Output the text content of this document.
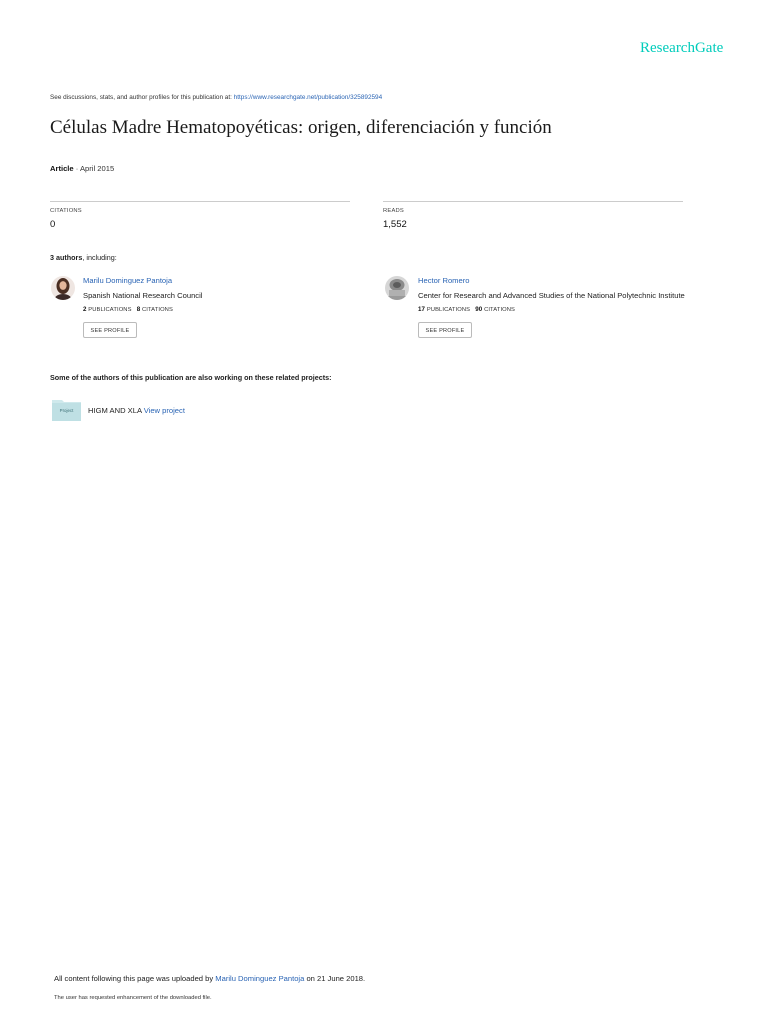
ResearchGate
See discussions, stats, and author profiles for this publication at: https://www.researchgate.net/publication/325892594
Células Madre Hematopoyéticas: origen, diferenciación y función
Article · April 2015
CITATIONS
0
READS
1,552
3 authors, including:
Marilu Dominguez Pantoja
Spanish National Research Council
2 PUBLICATIONS 8 CITATIONS
SEE PROFILE
Hector Romero
Center for Research and Advanced Studies of the National Polytechnic Institute
17 PUBLICATIONS 90 CITATIONS
SEE PROFILE
Some of the authors of this publication are also working on these related projects:
Project	HIGM AND XLA View project
All content following this page was uploaded by Marilu Dominguez Pantoja on 21 June 2018.
The user has requested enhancement of the downloaded file.
